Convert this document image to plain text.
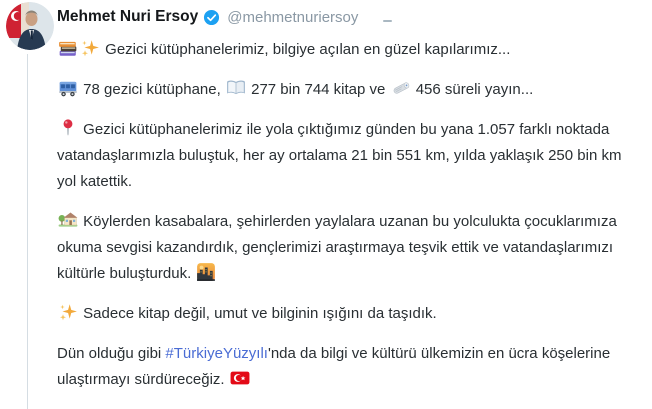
Mehmet Nuri Ersoy @mehmetnuriersoy

Gezici kütüphanelerimiz, bilgiye açılan en güzel kapılarımız...

78 gezici kütüphane,  277 bin 744 kitap ve  456 süreli yayın...

Gezici kütüphanelerimiz ile yola çıktığımız günden bu yana 1.057 farklı noktada vatandaşlarımızla buluştuk, her ay ortalama 21 bin 551 km, yılda yaklaşık 250 bin km yol katettik.

Köylerden kasabalara, şehirlerden yaylalara uzanan bu yolculukta çocuklarımıza okuma sevgisi kazandırdık, gençlerimizi araştırmaya teşvik ettik ve vatandaşlarımızı kültürle buluşturduk.

Sadece kitap değil, umut ve bilginin ışığını da taşıdık.

Dün olduğu gibi #TürkiyeYüzyılı'nda da bilgi ve kültürü ülkemizin en ücra köşelerine ulaştırmayı sürdüreceğiz.
